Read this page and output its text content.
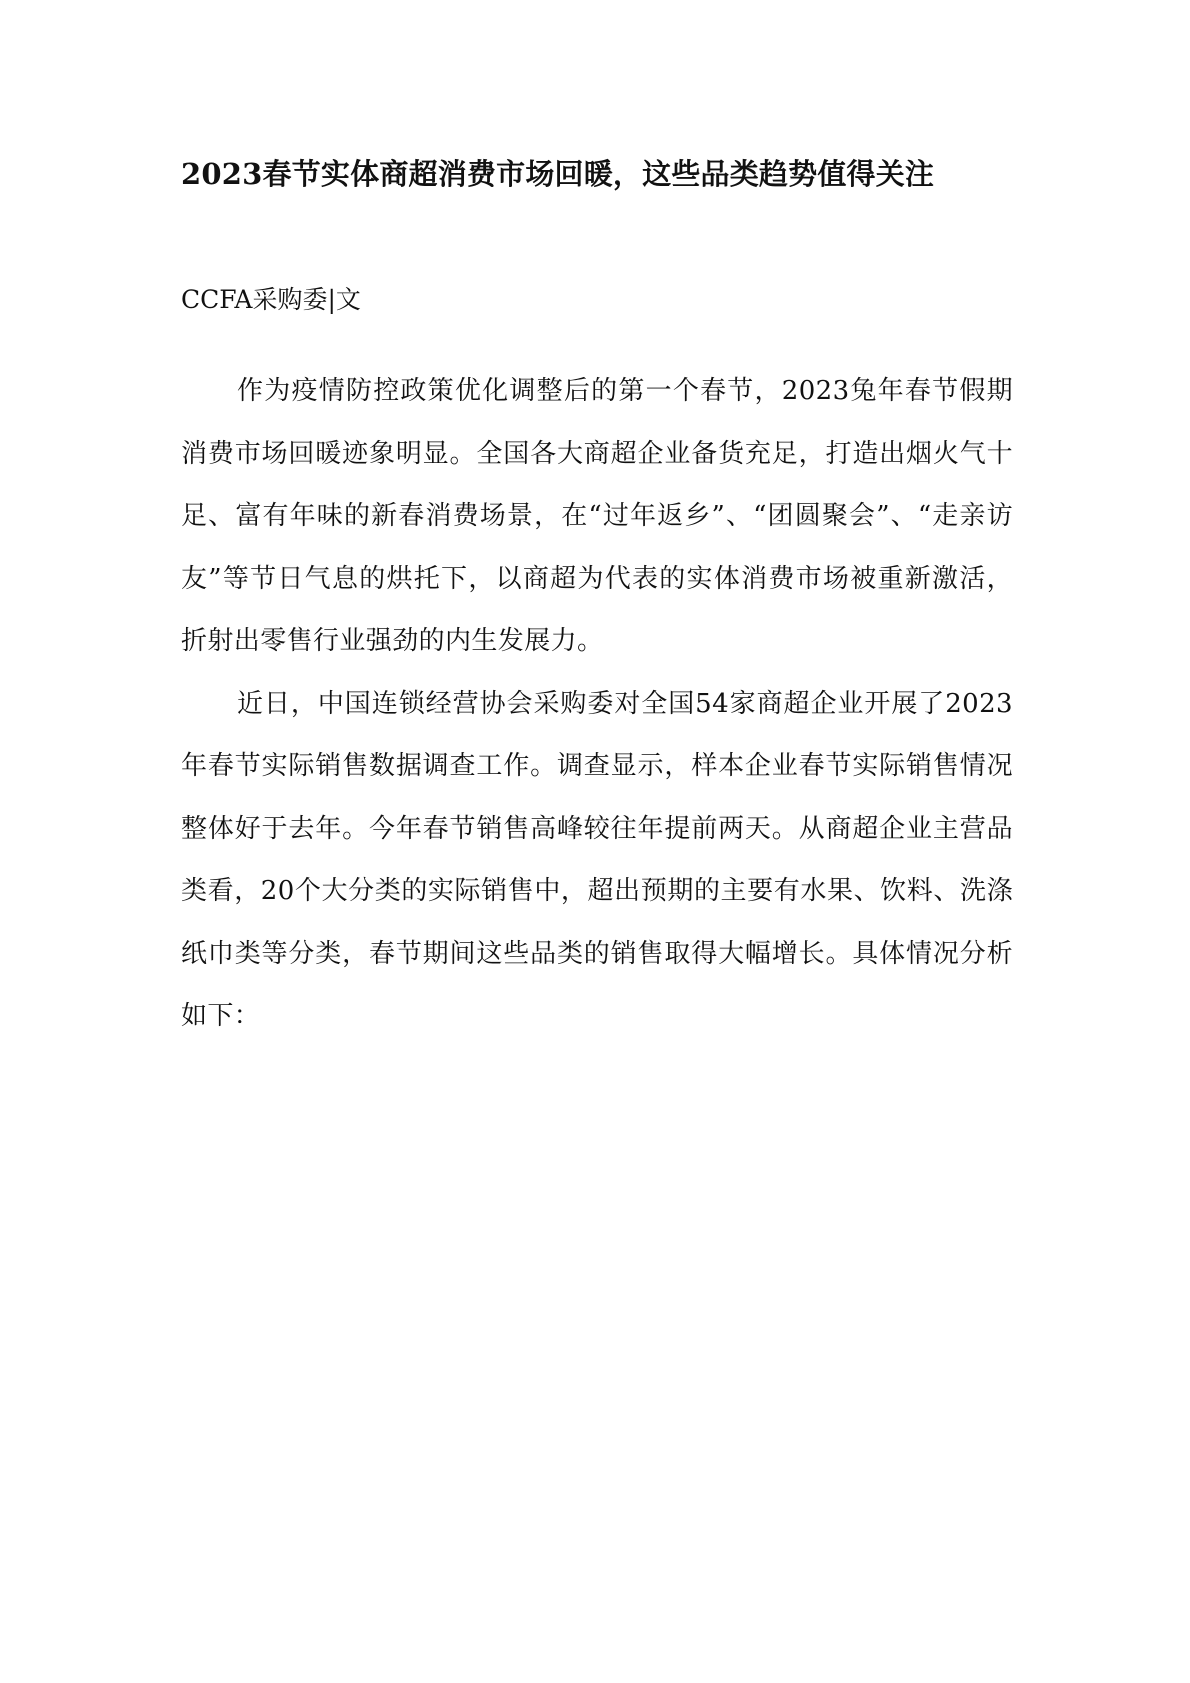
2023春节实体商超消费市场回暖，这些品类趋势值得关注

CCFA采购委|文

作为疫情防控政策优化调整后的第一个春节，2023兔年春节假期消费市场回暖迹象明显。全国各大商超企业备货充足，打造出烟火气十足、富有年味的新春消费场景，在“过年返乡”、“团圆聚会”、“走亲访友”等节日气息的烘托下，以商超为代表的实体消费市场被重新激活，折射出零售行业强劲的内生发展力。

近日，中国连锁经营协会采购委对全国54家商超企业开展了2023年春节实际销售数据调查工作。调查显示，样本企业春节实际销售情况整体好于去年。今年春节销售高峰较往年提前两天。从商超企业主营品类看，20个大分类的实际销售中，超出预期的主要有水果、饮料、洗涤纸巾类等分类，春节期间这些品类的销售取得大幅增长。具体情况分析如下：
